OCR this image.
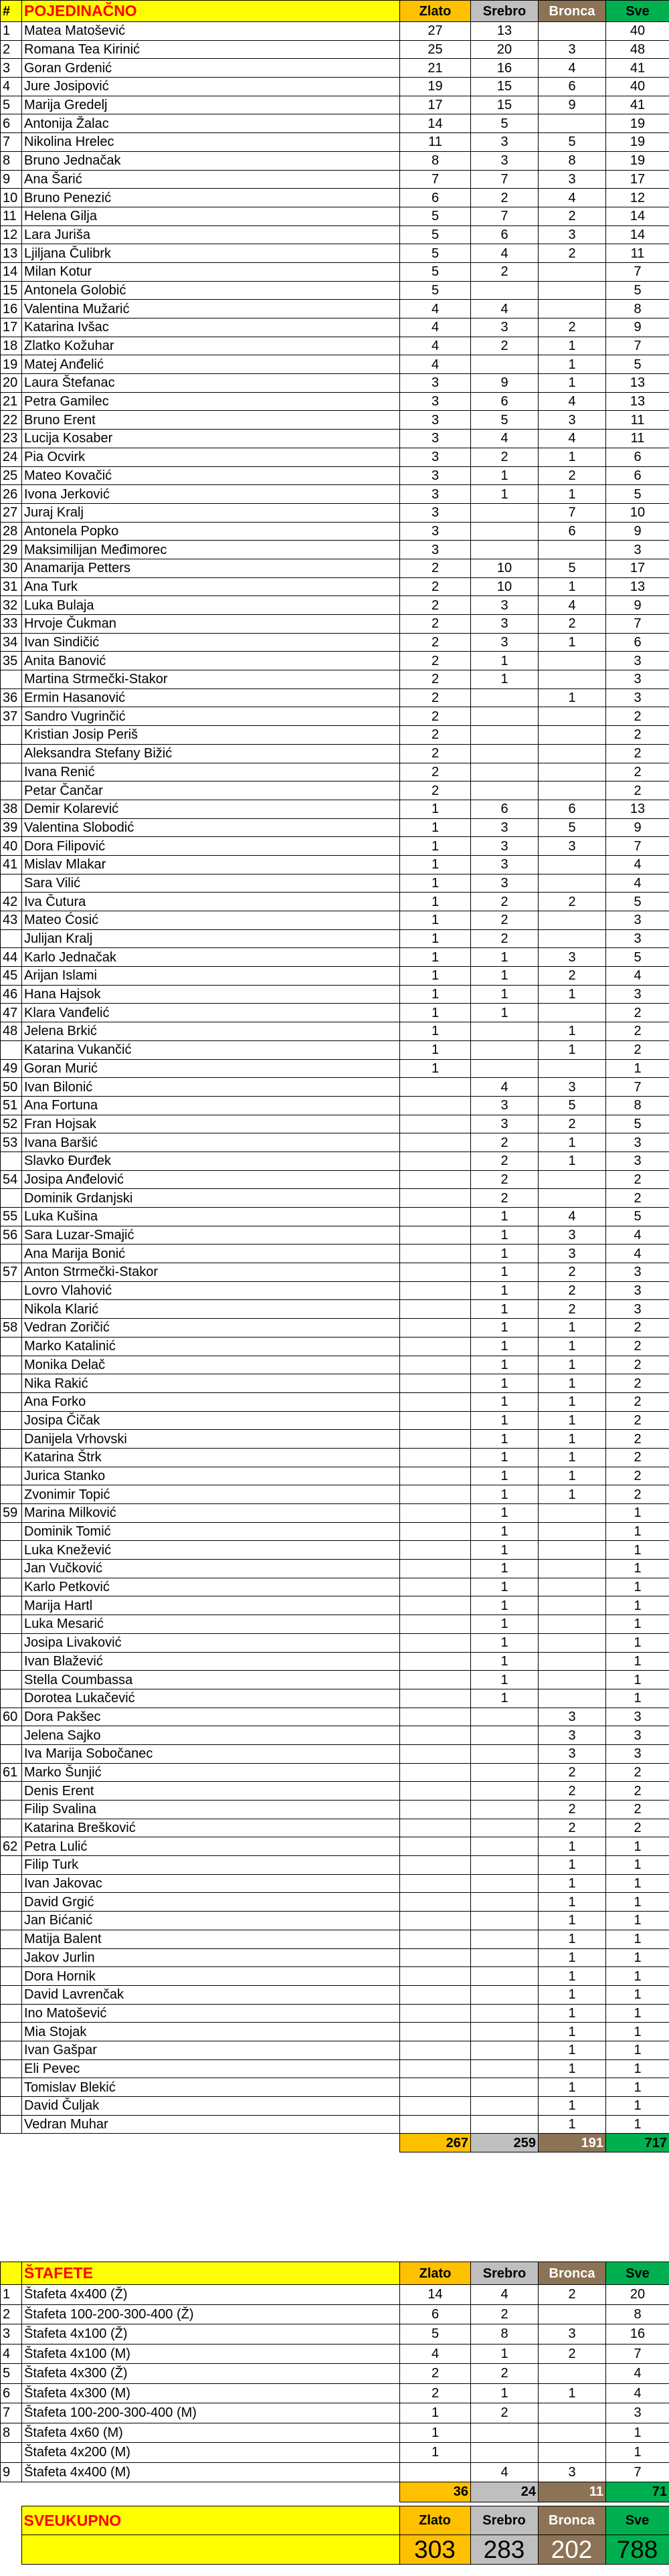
#	POJEDINAČNO	Zlato	Srebro	Bronca	Sve
1	Matea Matošević	27	13		40
2	Romana Tea Kirinić	25	20	3	48
3	Goran Grdenić	21	16	4	41
4	Jure Josipović	19	15	6	40
5	Marija Gredelj	17	15	9	41
6	Antonija Žalac	14	5		19
7	Nikolina Hrelec	11	3	5	19
8	Bruno Jednačak	8	3	8	19
9	Ana Šarić	7	7	3	17
10	Bruno Penezić	6	2	4	12
11	Helena Gilja	5	7	2	14
12	Lara Juriša	5	6	3	14
13	Ljiljana Čulibrk	5	4	2	11
14	Milan Kotur	5	2		7
15	Antonela Golobić	5			5
16	Valentina Mužarić	4	4		8
17	Katarina Ivšac	4	3	2	9
18	Zlatko Kožuhar	4	2	1	7
19	Matej Anđelić	4		1	5
20	Laura Štefanac	3	9	1	13
21	Petra Gamilec	3	6	4	13
22	Bruno Erent	3	5	3	11
23	Lucija Kosaber	3	4	4	11
24	Pia Ocvirk	3	2	1	6
25	Mateo Kovačić	3	1	2	6
26	Ivona Jerković	3	1	1	5
27	Juraj Kralj	3		7	10
28	Antonela Popko	3		6	9
29	Maksimilijan Međimorec	3			3
30	Anamarija Petters	2	10	5	17
31	Ana Turk	2	10	1	13
32	Luka Bulaja	2	3	4	9
33	Hrvoje Čukman	2	3	2	7
34	Ivan Sindičić	2	3	1	6
35	Anita Banović	2	1		3
	Martina Strmečki-Stakor	2	1		3
36	Ermin Hasanović	2		1	3
37	Sandro Vugrinčić	2			2
	Kristian Josip Periš	2			2
	Aleksandra Stefany Bižić	2			2
	Ivana Renić	2			2
	Petar Čančar	2			2
38	Demir Kolarević	1	6	6	13
39	Valentina Slobodić	1	3	5	9
40	Dora Filipović	1	3	3	7
41	Mislav Mlakar	1	3		4
	Sara Vilić	1	3		4
42	Iva Čutura	1	2	2	5
43	Mateo Ćosić	1	2		3
	Julijan Kralj	1	2		3
44	Karlo Jednačak	1	1	3	5
45	Arijan Islami	1	1	2	4
46	Hana Hajsok	1	1	1	3
47	Klara Vanđelić	1	1		2
48	Jelena Brkić	1		1	2
	Katarina Vukančić	1		1	2
49	Goran Murić	1			1
50	Ivan Bilonić		4	3	7
51	Ana Fortuna		3	5	8
52	Fran Hojsak		3	2	5
53	Ivana Baršić		2	1	3
	Slavko Đurđek		2	1	3
54	Josipa Anđelović		2		2
	Dominik Grdanjski		2		2
55	Luka Kušina		1	4	5
56	Sara Luzar-Smajić		1	3	4
	Ana Marija Bonić		1	3	4
57	Anton Strmečki-Stakor		1	2	3
	Lovro Vlahović		1	2	3
	Nikola Klarić		1	2	3
58	Vedran Zoričić		1	1	2
	Marko Katalinić		1	1	2
	Monika Delač		1	1	2
	Nika Rakić		1	1	2
	Ana Forko		1	1	2
	Josipa Čičak		1	1	2
	Danijela Vrhovski		1	1	2
	Katarina Štrk		1	1	2
	Jurica Stanko		1	1	2
	Zvonimir Topić		1	1	2
59	Marina Milković		1		1
	Dominik Tomić		1		1
	Luka Knežević		1		1
	Jan Vučković		1		1
	Karlo Petković		1		1
	Marija Hartl		1		1
	Luka Mesarić		1		1
	Josipa Livaković		1		1
	Ivan Blažević		1		1
	Stella Coumbassa		1		1
	Dorotea Lukačević		1		1
60	Dora Pakšec			3	3
	Jelena Sajko			3	3
	Iva Marija Sobočanec			3	3
61	Marko Šunjić			2	2
	Denis Erent			2	2
	Filip Svalina			2	2
	Katarina Brešković			2	2
62	Petra Lulić			1	1
	Filip Turk			1	1
	Ivan Jakovac			1	1
	David Grgić			1	1
	Jan Bićanić			1	1
	Matija Balent			1	1
	Jakov Jurlin			1	1
	Dora Hornik			1	1
	David Lavrenčak			1	1
	Ino Matošević			1	1
	Mia Stojak			1	1
	Ivan Gašpar			1	1
	Eli Pevec			1	1
	Tomislav Blekić			1	1
	David Čuljak			1	1
	Vedran Muhar			1	1
		267	259	191	717
	ŠTAFETE	Zlato	Srebro	Bronca	Sve
1	Štafeta 4x400 (Ž)	14	4	2	20
2	Štafeta 100-200-300-400 (Ž)	6	2		8
3	Štafeta 4x100 (Ž)	5	8	3	16
4	Štafeta 4x100 (M)	4	1	2	7
5	Štafeta 4x300 (Ž)	2	2		4
6	Štafeta 4x300 (M)	2	1	1	4
7	Štafeta 100-200-300-400 (M)	1	2		3
8	Štafeta 4x60 (M)	1			1
	Štafeta 4x200 (M)	1			1
9	Štafeta 4x400 (M)		4	3	7
		36	24	11	71
	SVEUKUPNO	Zlato	Srebro	Bronca	Sve
		303	283	202	788
